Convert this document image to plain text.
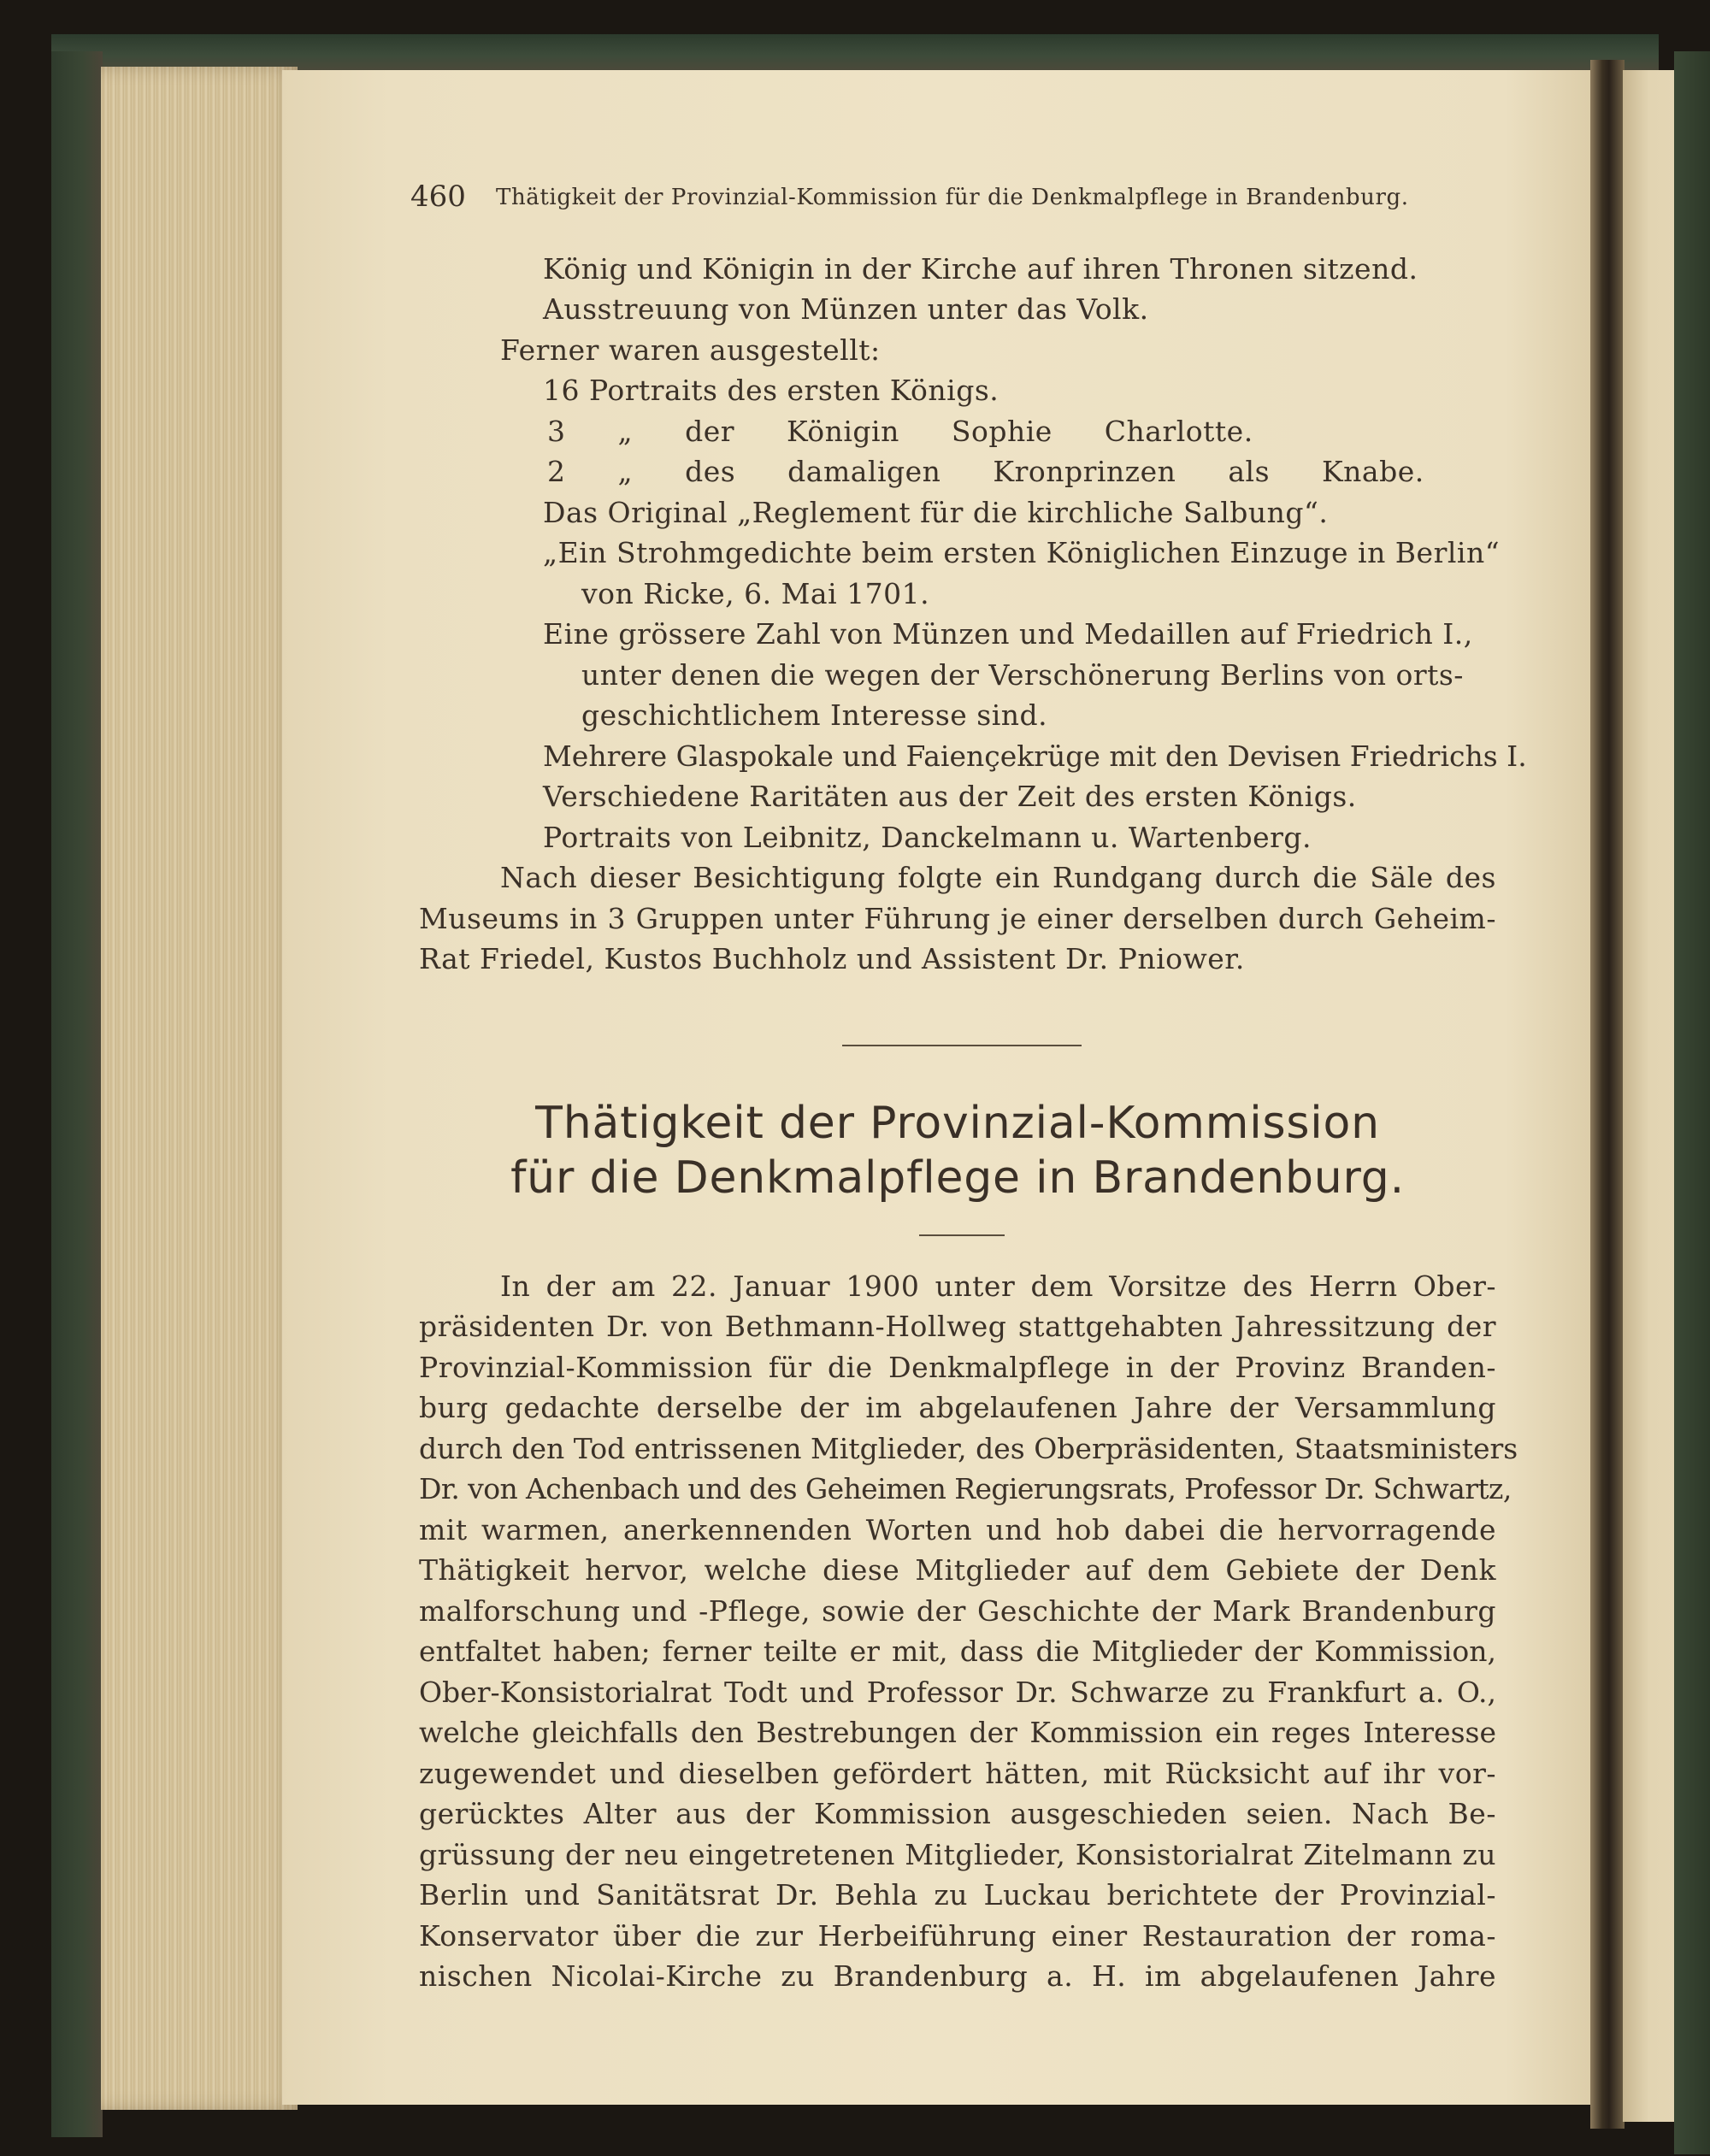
460 Thätigkeit der Provinzial-Kommission für die Denkmalpflege in Brandenburg.
König und Königin in der Kirche auf ihren Thronen sitzend.
Ausstreuung von Münzen unter das Volk.
Ferner waren ausgestellt:
16 Portraits des ersten Königs.
3 „ der Königin Sophie Charlotte.
2 „ des damaligen Kronprinzen als Knabe.
Das Original „Reglement für die kirchliche Salbung“.
„Ein Strohmgedichte beim ersten Königlichen Einzuge in Berlin“
von Ricke, 6. Mai 1701.
Eine grössere Zahl von Münzen und Medaillen auf Friedrich I.,
unter denen die wegen der Verschönerung Berlins von orts-
geschichtlichem Interesse sind.
Mehrere Glaspokale und Faiençekrüge mit den Devisen Friedrichs I.
Verschiedene Raritäten aus der Zeit des ersten Königs.
Portraits von Leibnitz, Danckelmann u. Wartenberg.
Nach dieser Besichtigung folgte ein Rundgang durch die Säle des
Museums in 3 Gruppen unter Führung je einer derselben durch Geheim-
Rat Friedel, Kustos Buchholz und Assistent Dr. Pniower.
Thätigkeit der Provinzial-Kommission
für die Denkmalpflege in Brandenburg.
In der am 22. Januar 1900 unter dem Vorsitze des Herrn Ober-
präsidenten Dr. von Bethmann-Hollweg stattgehabten Jahressitzung der
Provinzial-Kommission für die Denkmalpflege in der Provinz Branden-
burg gedachte derselbe der im abgelaufenen Jahre der Versammlung
durch den Tod entrissenen Mitglieder, des Oberpräsidenten, Staatsministers
Dr. von Achenbach und des Geheimen Regierungsrats, Professor Dr. Schwartz,
mit warmen, anerkennenden Worten und hob dabei die hervorragende
Thätigkeit hervor, welche diese Mitglieder auf dem Gebiete der Denk
malforschung und -Pflege, sowie der Geschichte der Mark Brandenburg
entfaltet haben; ferner teilte er mit, dass die Mitglieder der Kommission,
Ober-Konsistorialrat Todt und Professor Dr. Schwarze zu Frankfurt a. O.,
welche gleichfalls den Bestrebungen der Kommission ein reges Interesse
zugewendet und dieselben gefördert hätten, mit Rücksicht auf ihr vor-
gerücktes Alter aus der Kommission ausgeschieden seien. Nach Be-
grüssung der neu eingetretenen Mitglieder, Konsistorialrat Zitelmann zu
Berlin und Sanitätsrat Dr. Behla zu Luckau berichtete der Provinzial-
Konservator über die zur Herbeiführung einer Restauration der roma-
nischen Nicolai-Kirche zu Brandenburg a. H. im abgelaufenen Jahre
